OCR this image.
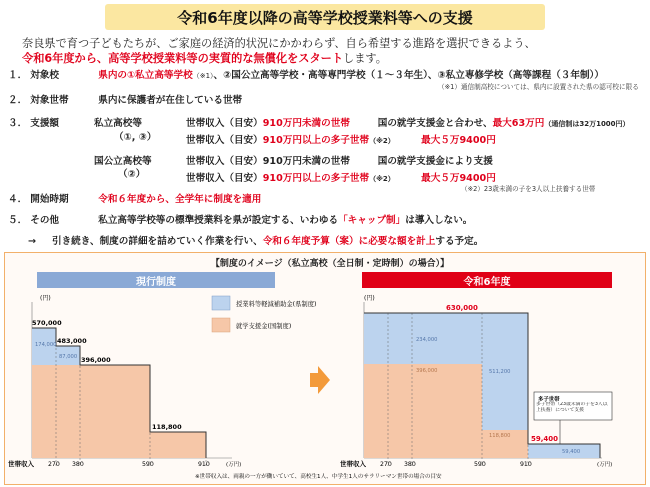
令和6年度以降の高等学校授業料等への支援
奈良県で育つ子どもたちが、ご家庭の経済的状況にかかわらず、自ら希望する進路を選択できるよう、
令和6年度から、高等学校授業料等の実質的な無償化をスタートします。
１． 対象校	県内の①私立高等学校（※1）、②国公立高等学校・高等専門学校（１～３年生）、③私立専修学校（高等課程（３年制））
（※1）通信制高校については、県内に設置された県の認可校に限る
２． 対象世帯	県内に保護者が在住している世帯
３． 支援額	私立高校等
（①, ③）
世帯収入（目安）910万円未満の世帯	国の就学支援金と合わせ、最大63万円（通信制は32万1000円）
世帯収入（目安）910万円以上の多子世帯（※2）	最大５万9400円
国公立高校等
（②）
世帯収入（目安）910万円未満の世帯	国の就学支援金により支援
世帯収入（目安）910万円以上の多子世帯（※2）	最大５万9400円
（※2）23歳未満の子を3人以上扶養する世帯
４． 開始時期	令和６年度から、全学年に制度を適用
５． その他	私立高等学校等の標準授業料を県が設定する、いわゆる「キャップ制」は導入しない。
→ 引き続き、制度の詳細を詰めていく作業を行い、令和６年度予算（案）に必要な額を計上する予定。
【制度のイメージ（私立高校（全日制・定時制）の場合）】
現行制度	令和6年度
(円)
570,000
483,000
396,000
118,800
174,000
87,000
世帯収入 270 380	590	910	(万円)
授業料等軽減補助金(県制度)
就学支援金(国制度)
(円)
630,000
59,400
234,000
396,000	511,200
118,800
59,400
多子世帯
多子世帯（23歳未満の子を3人以上扶養）について支援
世帯収入 270 380	590	910	(万円)
※世帯収入は、両親の一方が働いていて、高校生1人、中学生1人のサラリーマン世帯の場合の目安
